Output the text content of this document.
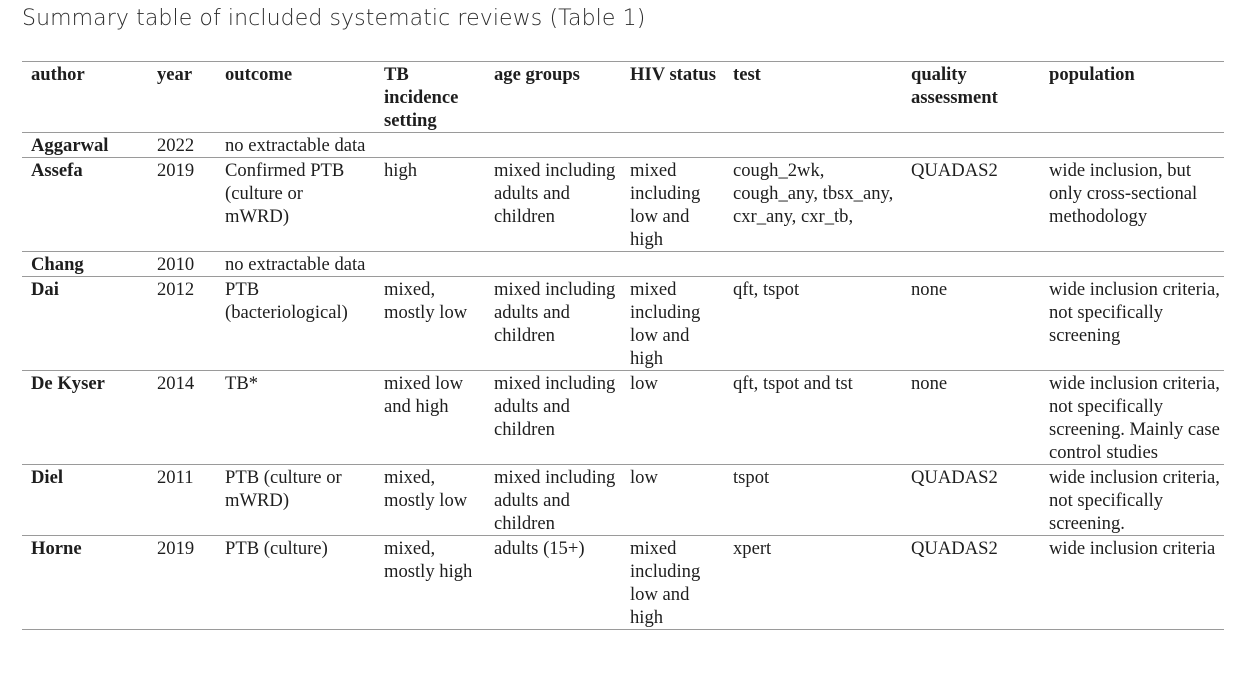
Summary table of included systematic reviews (Table 1)
author	year	outcome	TB incidence setting	age groups	HIV status	test	quality assessment	population
Aggarwal	2022	no extractable data						
Assefa	2019	Confirmed PTB (culture or mWRD)	high	mixed including adults and children	mixed including low and high	cough_2wk, cough_any, tbsx_any, cxr_any, cxr_tb,	QUADAS2	wide inclusion, but only cross-sectional methodology
Chang	2010	no extractable data						
Dai	2012	PTB (bacteriological)	mixed, mostly low	mixed including adults and children	mixed including low and high	qft, tspot	none	wide inclusion criteria, not specifically screening
De Kyser	2014	TB*	mixed low and high	mixed including adults and children	low	qft, tspot and tst	none	wide inclusion criteria, not specifically screening. Mainly case control studies
Diel	2011	PTB (culture or mWRD)	mixed, mostly low	mixed including adults and children	low	tspot	QUADAS2	wide inclusion criteria, not specifically screening.
Horne	2019	PTB (culture)	mixed, mostly high	adults (15+)	mixed including low and high	xpert	QUADAS2	wide inclusion criteria
